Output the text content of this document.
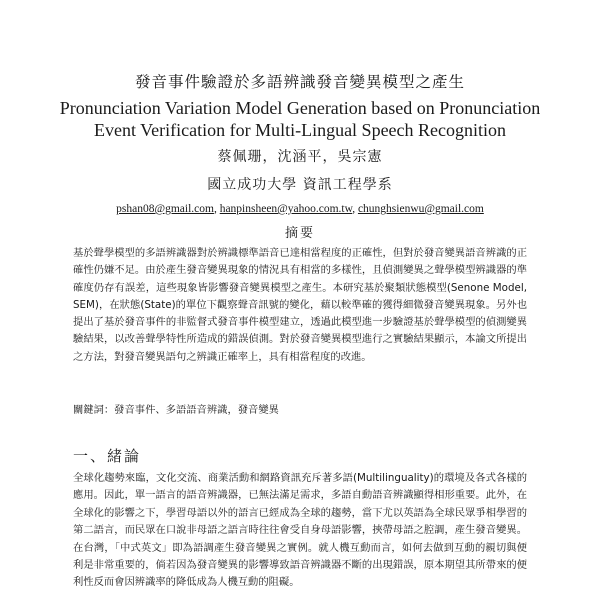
發音事件驗證於多語辨識發音變異模型之產生
Pronunciation Variation Model Generation based on Pronunciation
Event Verification for Multi-Lingual Speech Recognition
蔡佩珊，沈涵平，吳宗憲
國立成功大學 資訊工程學系
pshan08@gmail.com, hanpinsheen@yahoo.com.tw, chunghsienwu@gmail.com
摘要

基於聲學模型的多語辨識器對於辨識標準語音已達相當程度的正確性，但對於發音變異語音辨識的正確性仍嫌不足。由於產生發音變異現象的情況具有相當的多樣性，且偵測變異之聲學模型辨識器的準確度仍存有誤差，這些現象皆影響發音變異模型之產生。本研究基於聚類狀態模型(Senone Model, SEM)，在狀態(State)的單位下觀察聲音訊號的變化，藉以較準確的獲得細微發音變異現象。另外也提出了基於發音事件的非監督式發音事件模型建立，透過此模型進一步驗證基於聲學模型的偵測變異驗結果，以改善聲學特性所造成的錯誤偵測。對於發音變異模型進行之實驗結果顯示，本論文所提出之方法，對發音變異語句之辨識正確率上，具有相當程度的改進。

關鍵詞：發音事件、多語語音辨識，發音變異
一、緒論

全球化趨勢來臨，文化交流、商業活動和網路資訊充斥著多語(Multilinguality)的環境及各式各樣的應用。因此，單一語言的語音辨識器，已無法滿足需求，多語自動語音辨識顯得相形重要。此外，在全球化的影響之下，學習母語以外的語言已經成為全球的趨勢，當下尤以英語為全球民眾爭相學習的第二語言，而民眾在口說非母語之語言時往往會受自身母語影響，挾帶母語之腔調，產生發音變異。在台灣，「中式英文」即為語調產生發音變異之實例。就人機互動而言，如何去做到互動的親切與便利是非常重要的，倘若因為發音變異的影響導致語音辨識器不斷的出現錯誤，原本期望其所帶來的便利性反而會因辨識率的降低成為人機互動的阻礙。
